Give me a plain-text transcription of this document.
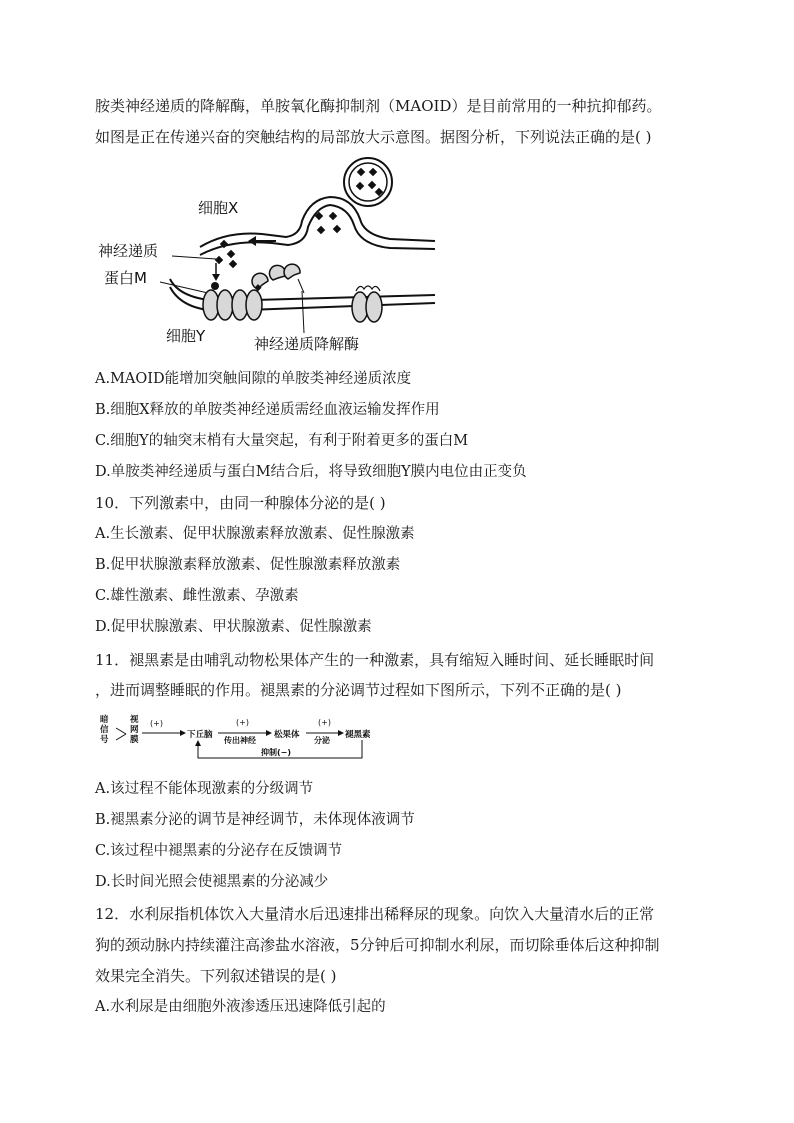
胺类神经递质的降解酶，单胺氧化酶抑制剂（MAOID）是目前常用的一种抗抑郁药。
如图是正在传递兴奋的突触结构的局部放大示意图。据图分析，下列说法正确的是( )
细胞X
神经递质
蛋白M
细胞Y	神经递质降解酶
A.MAOID能增加突触间隙的单胺类神经递质浓度
B.细胞X释放的单胺类神经递质需经血液运输发挥作用
C.细胞Y的轴突末梢有大量突起，有利于附着更多的蛋白M
D.单胺类神经递质与蛋白M结合后，将导致细胞Y膜内电位由正变负
10．下列激素中，由同一种腺体分泌的是( )
A.生长激素、促甲状腺激素释放激素、促性腺激素
B.促甲状腺激素释放激素、促性腺激素释放激素
C.雄性激素、雌性激素、孕激素
D.促甲状腺激素、甲状腺激素、促性腺激素
11．褪黑素是由哺乳动物松果体产生的一种激素，具有缩短入睡时间、延长睡眠时间
，进而调整睡眠的作用。褪黑素的分泌调节过程如下图所示，下列不正确的是( )
暗信号
视网膜
(+)
下丘脑
(+)
传出神经
松果体
(+)
分泌
褪黑素
抑制(−)
A.该过程不能体现激素的分级调节
B.褪黑素分泌的调节是神经调节，未体现体液调节
C.该过程中褪黑素的分泌存在反馈调节
D.长时间光照会使褪黑素的分泌减少
12．水利尿指机体饮入大量清水后迅速排出稀释尿的现象。向饮入大量清水后的正常
狗的颈动脉内持续灌注高渗盐水溶液，5分钟后可抑制水利尿，而切除垂体后这种抑制
效果完全消失。下列叙述错误的是( )
A.水利尿是由细胞外液渗透压迅速降低引起的
